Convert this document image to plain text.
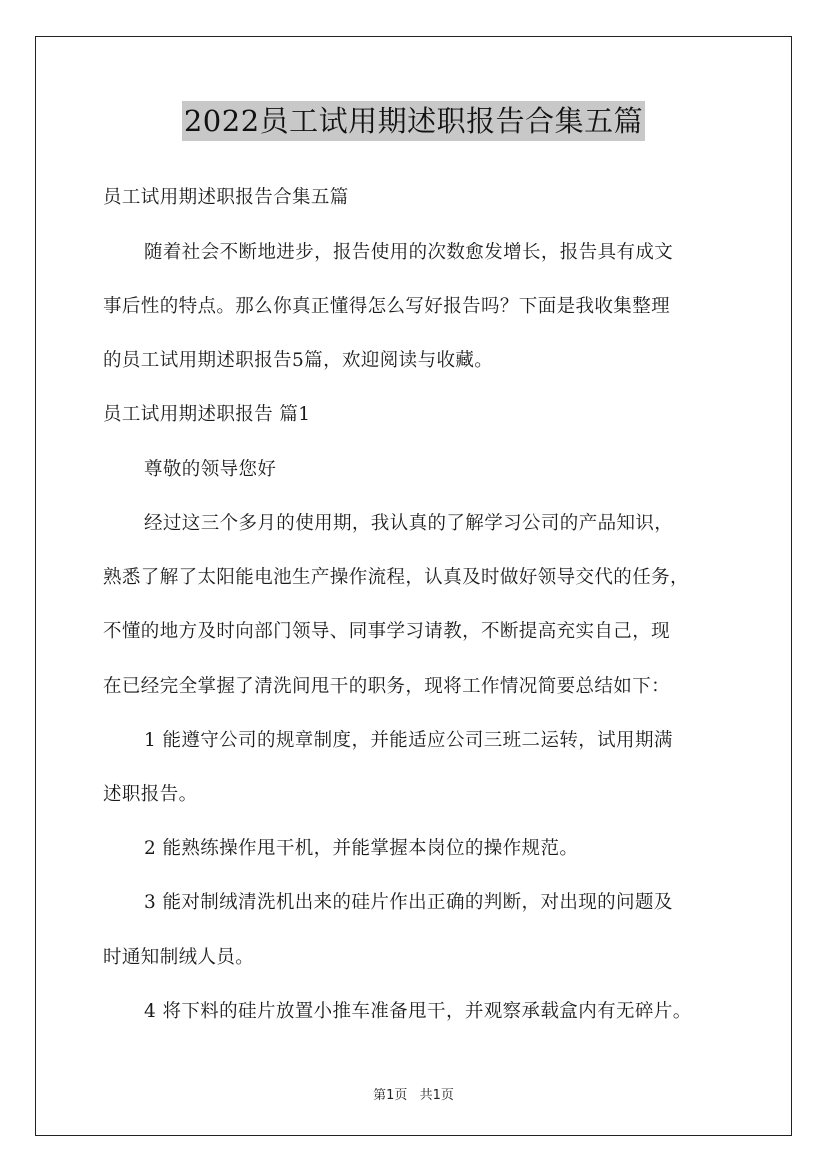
2022员工试用期述职报告合集五篇
员工试用期述职报告合集五篇
随着社会不断地进步，报告使用的次数愈发增长，报告具有成文
事后性的特点。那么你真正懂得怎么写好报告吗？下面是我收集整理
的员工试用期述职报告5篇，欢迎阅读与收藏。
员工试用期述职报告 篇1
尊敬的领导您好
经过这三个多月的使用期，我认真的了解学习公司的产品知识，
熟悉了解了太阳能电池生产操作流程，认真及时做好领导交代的任务，
不懂的地方及时向部门领导、同事学习请教，不断提高充实自己，现
在已经完全掌握了清洗间甩干的职务，现将工作情况简要总结如下：
1 能遵守公司的规章制度，并能适应公司三班二运转，试用期满
述职报告。
2 能熟练操作甩干机，并能掌握本岗位的操作规范。
3 能对制绒清洗机出来的硅片作出正确的判断，对出现的问题及
时通知制绒人员。
4 将下料的硅片放置小推车准备甩干，并观察承载盒内有无碎片。
第1页 共1页
